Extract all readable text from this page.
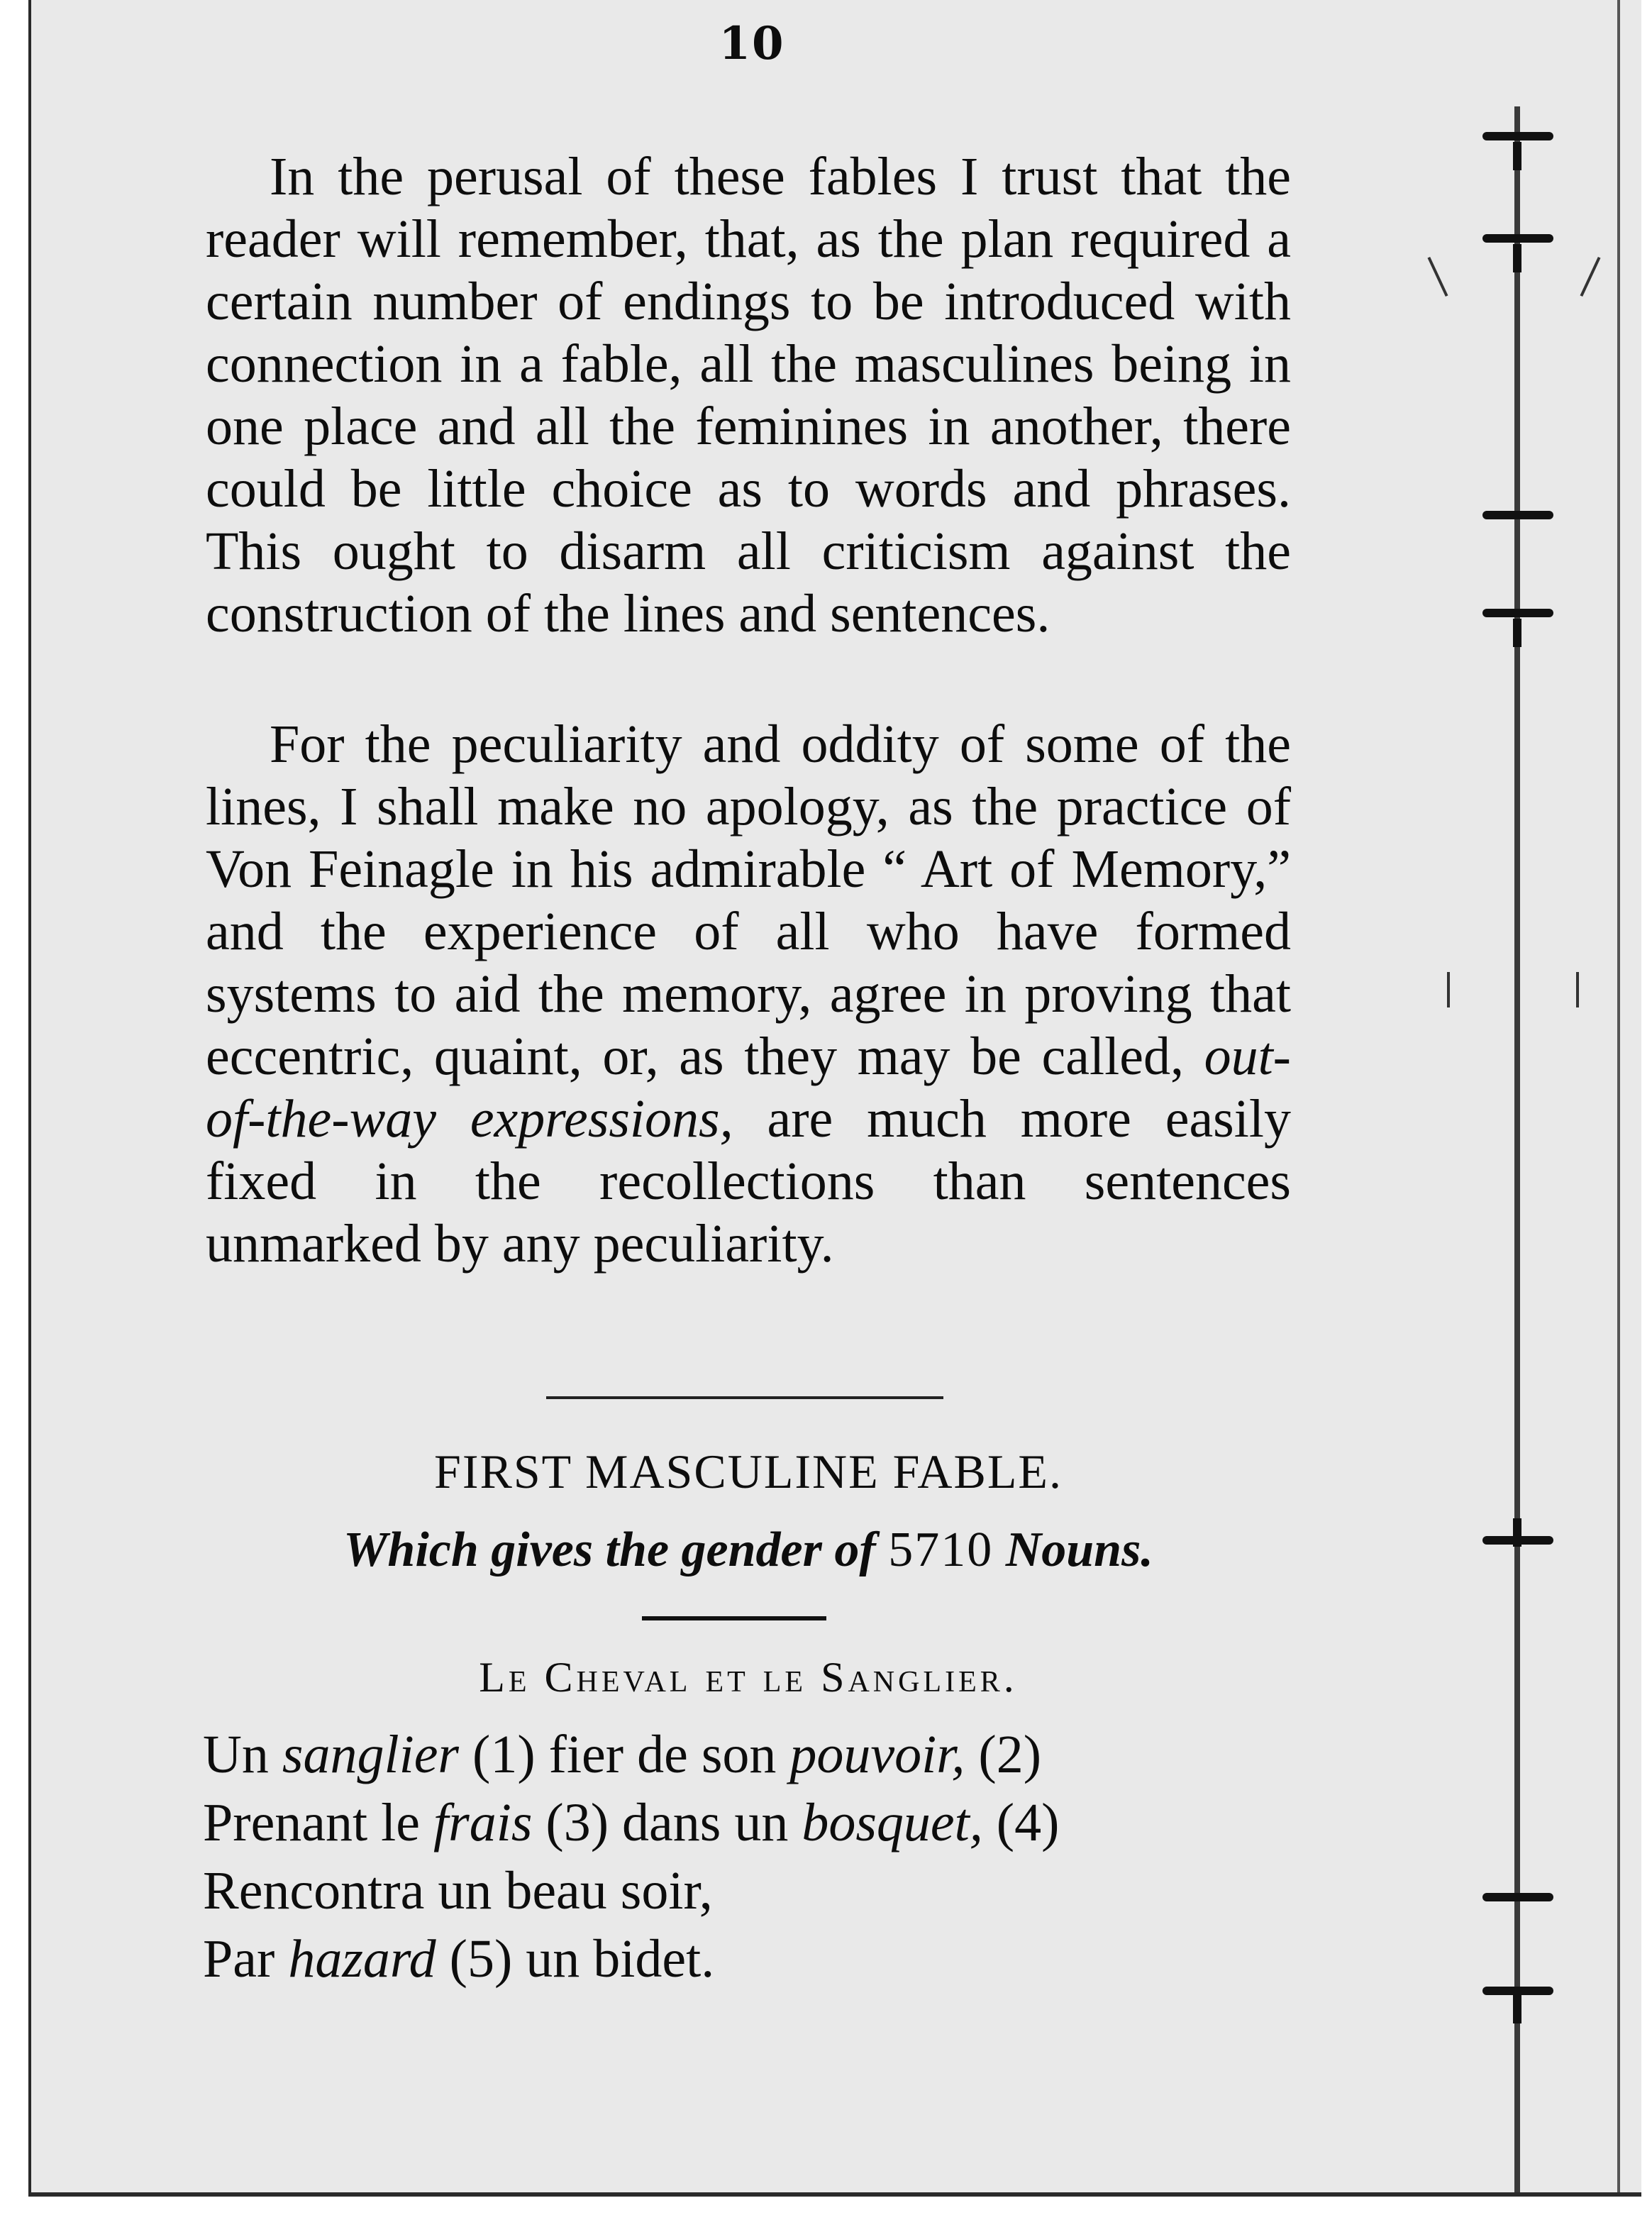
10

In the perusal of these fables I trust that the reader will remember, that, as the plan required a certain number of endings to be introduced with connection in a fable, all the masculines being in one place and all the feminines in another, there could be little choice as to words and phrases. This ought to disarm all criticism against the construction of the lines and sentences.

For the peculiarity and oddity of some of the lines, I shall make no apology, as the practice of Von Feinagle in his admirable “ Art of Memory,” and the experience of all who have formed systems to aid the memory, agree in proving that eccentric, quaint, or, as they may be called, out-of-the-way expressions, are much more easily fixed in the recollections than sentences unmarked by any peculiarity.

FIRST MASCULINE FABLE.
Which gives the gender of 5710 Nouns.
Le Cheval et le Sanglier.
Un sanglier (1) fier de son pouvoir, (2)
Prenant le frais (3) dans un bosquet, (4)
Rencontra un beau soir,
Par hazard (5) un bidet.
